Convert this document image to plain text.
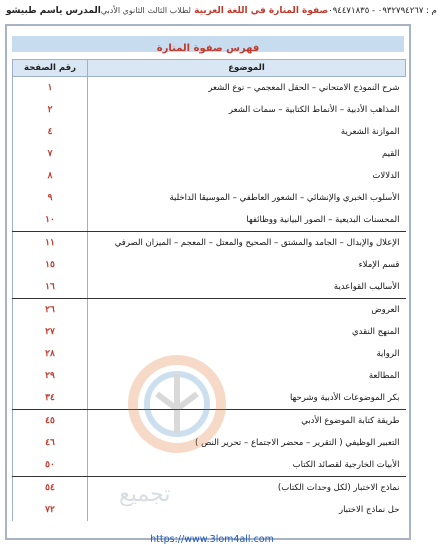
المدرس ياسم طبيشو	صفوة المنارة في اللغة العربية لطلاب الثالث الثانوي الأدبي	م : ٠٩٣٢٧٩٤٢٦٧ - ٠٩٤٤٧١٨٣٥
فهرس صفوة المنارة
الموضوع	رقم الصفحة
شرح النموذج الامتحاني – الحقل المعجمي – نوع الشعر	١
المذاهب الأدبية – الأنماط الكتابية – سمات الشعر	٢
الموازنة الشعرية	٤
القيم	٧
الدلالات	٨
الأسلوب الخبري والإنشائي – الشعور العاطفي – الموسيقا الداخلية	٩
المحسنات البديعية – الصور البيانية ووظائفها	١٠
الإعلال والإبدال – الجامد والمشتق – الصحيح والمعتل – المعجم – الميزان الصرفي	١١
قسم الإملاء	١٥
الأساليب القواعدية	١٦
العروض	٢٦
المنهج النقدي	٢٧
الرواية	٢٨
المطالعة	٢٩
بكر الموضوعات الأدبية وشرحها	٣٤
طريقة كتابة الموضوع الأدبي	٤٥
التعبير الوظيفي ( التقرير – محضر الاجتماع – تحرير النص )	٤٦
الأبيات الخارجية لقصائد الكتاب	٥٠
نماذج الاختبار (لكل وحدات الكتاب)	٥٤
حل نماذج الاختبار	٧٢
تجميع
https://www.3lom4all.com
